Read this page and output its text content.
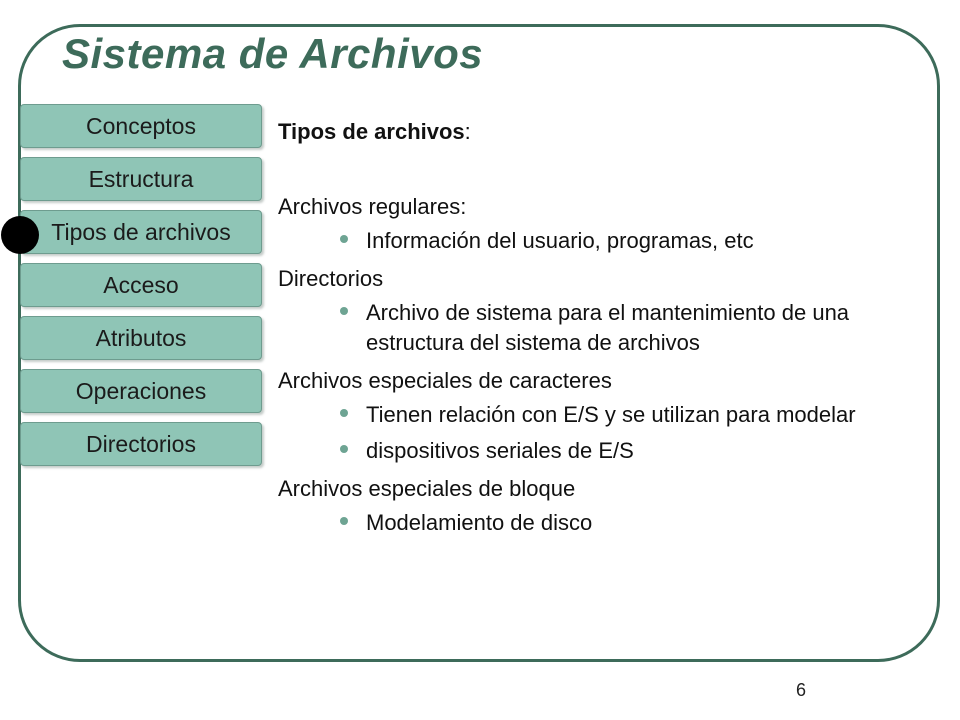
Sistema de Archivos
Conceptos
Estructura
Tipos de archivos
Acceso
Atributos
Operaciones
Directorios

Tipos de archivos:

Archivos regulares:

Información del usuario, programas, etc

Directorios

Archivo de sistema para el mantenimiento de una estructura del sistema de archivos

Archivos especiales de caracteres

Tienen relación con E/S y se utilizan para modelar
dispositivos seriales de E/S

Archivos especiales de bloque

Modelamiento de disco
6
